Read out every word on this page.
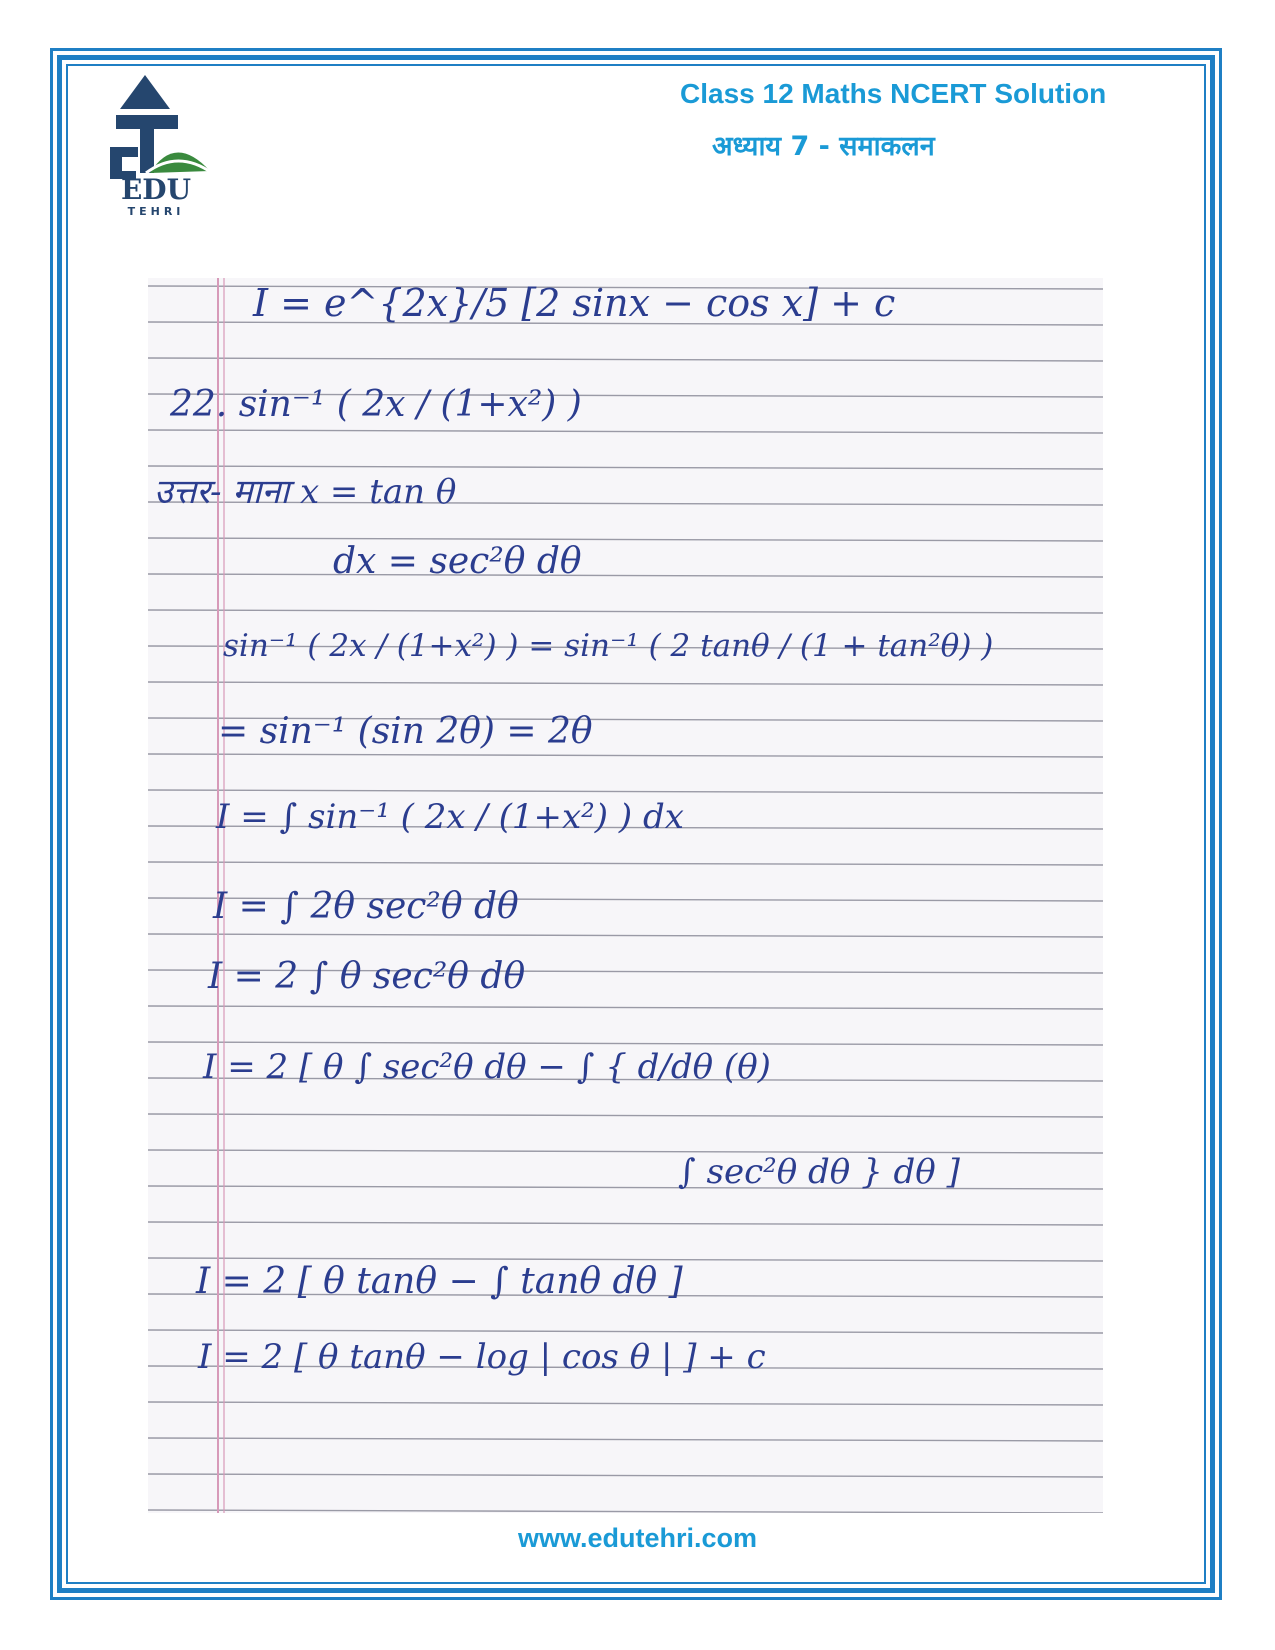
EDU
TEHRI
Class 12 Maths NCERT Solution
अध्याय 7 - समाकलन
I = e^{2x}/5 [2 sinx − cos x] + c
22. sin⁻¹ ( 2x / (1+x²) )
उत्तर- माना x = tan θ
dx = sec²θ dθ
sin⁻¹ ( 2x / (1+x²) ) = sin⁻¹ ( 2 tanθ / (1 + tan²θ) )
= sin⁻¹ (sin 2θ) = 2θ
I = ∫ sin⁻¹ ( 2x / (1+x²) ) dx
I = ∫ 2θ sec²θ dθ
I = 2 ∫ θ sec²θ dθ
I = 2 [ θ ∫ sec²θ dθ − ∫ { d/dθ (θ)
∫ sec²θ dθ } dθ ]
I = 2 [ θ tanθ − ∫ tanθ dθ ]
I = 2 [ θ tanθ − log | cos θ | ] + c
www.edutehri.com
